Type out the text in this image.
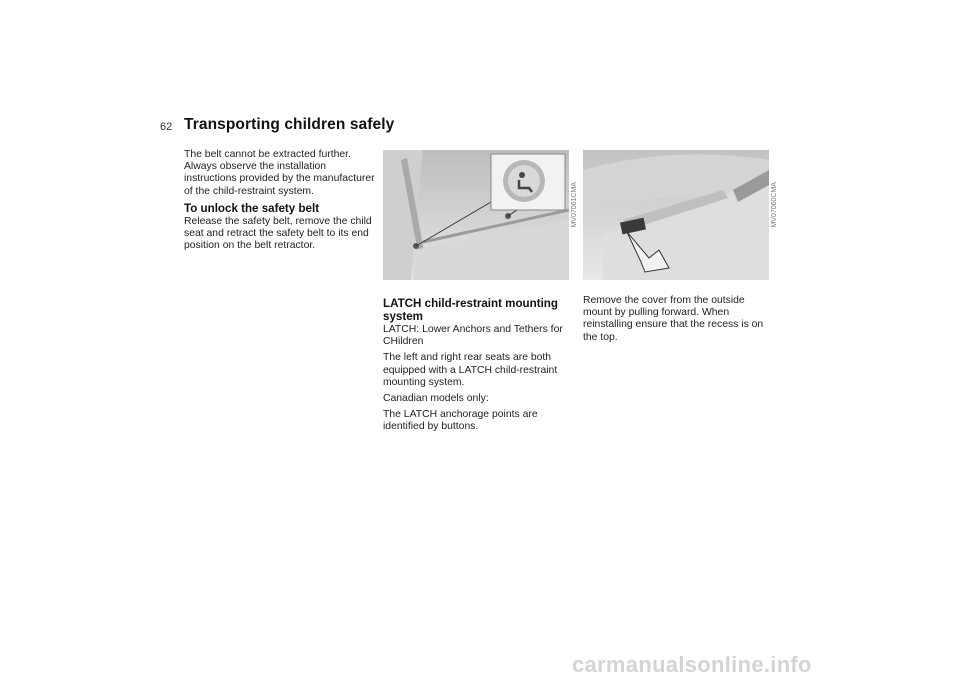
62 Transporting children safely

The belt cannot be extracted further. Always observe the installation instructions provided by the manufacturer of the child-restraint system.

To unlock the safety belt

Release the safety belt, remove the child seat and retract the safety belt to its end position on the belt retractor.

MV07061CMA	MV07060CMA
LATCH child-restraint mounting system

LATCH: Lower Anchors and Tethers for CHildren

The left and right rear seats are both equipped with a LATCH child-restraint mounting system.

Canadian models only:

The LATCH anchorage points are identified by buttons.

Remove the cover from the outside mount by pulling forward. When reinstalling ensure that the recess is on the top.

carmanualsonline.info
